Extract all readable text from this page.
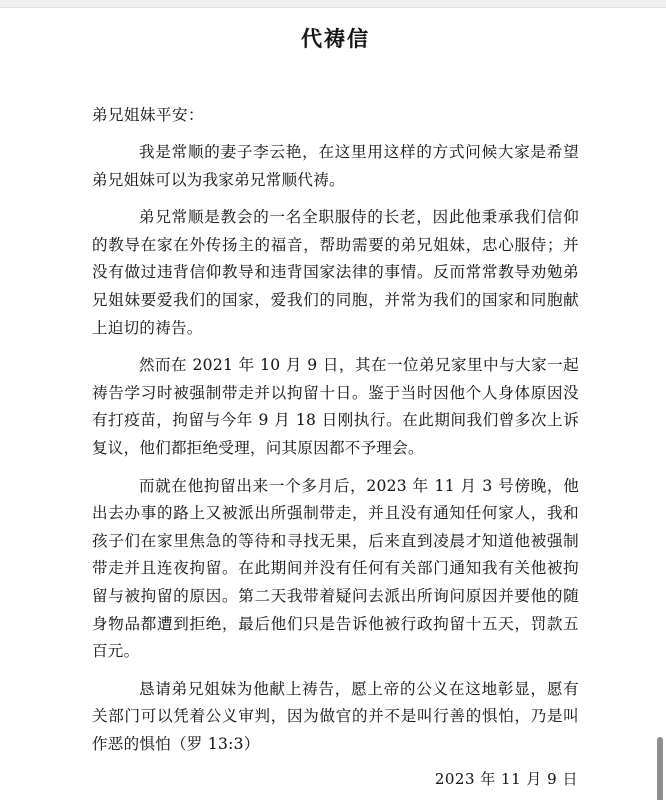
代祷信
弟兄姐妹平安：

我是常顺的妻子李云艳，在这里用这样的方式问候大家是希望弟兄姐妹可以为我家弟兄常顺代祷。

弟兄常顺是教会的一名全职服侍的长老，因此他秉承我们信仰的教导在家在外传扬主的福音，帮助需要的弟兄姐妹，忠心服侍；并没有做过违背信仰教导和违背国家法律的事情。反而常常教导劝勉弟兄姐妹要爱我们的国家，爱我们的同胞，并常为我们的国家和同胞献上迫切的祷告。

然而在 2021 年 10 月 9 日，其在一位弟兄家里中与大家一起祷告学习时被强制带走并以拘留十日。鉴于当时因他个人身体原因没有打疫苗，拘留与今年 9 月 18 日刚执行。在此期间我们曾多次上诉复议，他们都拒绝受理，问其原因都不予理会。

而就在他拘留出来一个多月后，2023 年 11 月 3 号傍晚，他出去办事的路上又被派出所强制带走，并且没有通知任何家人，我和孩子们在家里焦急的等待和寻找无果，后来直到凌晨才知道他被强制带走并且连夜拘留。在此期间并没有任何有关部门通知我有关他被拘留与被拘留的原因。第二天我带着疑问去派出所询问原因并要他的随身物品都遭到拒绝，最后他们只是告诉他被行政拘留十五天，罚款五百元。

恳请弟兄姐妹为他献上祷告，愿上帝的公义在这地彰显，愿有关部门可以凭着公义审判，因为做官的并不是叫行善的惧怕，乃是叫作恶的惧怕（罗 13:3）

2023 年 11 月 9 日
